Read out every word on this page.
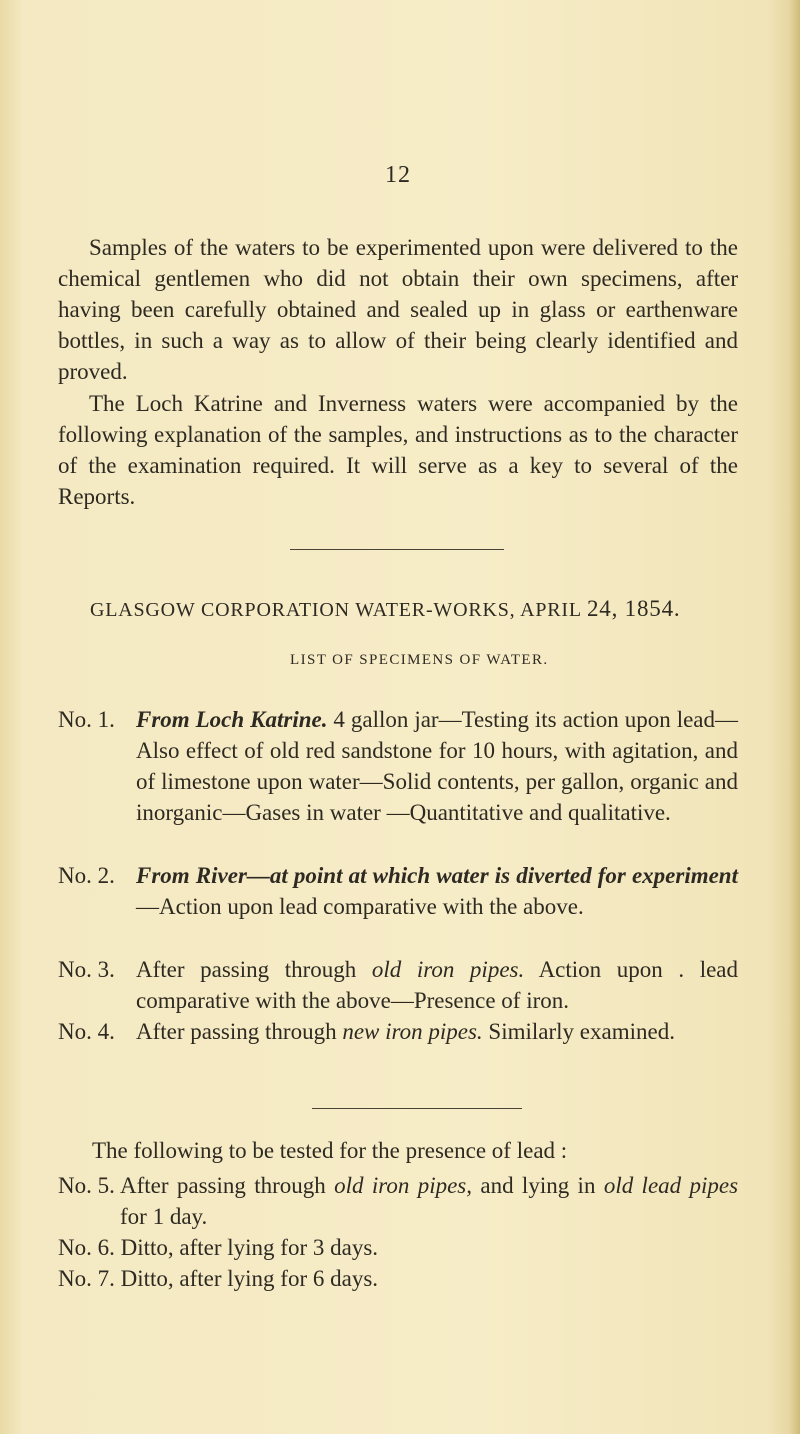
12
Samples of the waters to be experimented upon were delivered to the chemical gentlemen who did not obtain their own specimens, after having been carefully obtained and sealed up in glass or earthenware bottles, in such a way as to allow of their being clearly identified and proved.
The Loch Katrine and Inverness waters were accompanied by the following explanation of the samples, and instructions as to the character of the examination required. It will serve as a key to several of the Reports.
GLASGOW CORPORATION WATER-WORKS, APRIL 24, 1854.
LIST OF SPECIMENS OF WATER.
No. 1. From Loch Katrine. 4 gallon jar—Testing its action upon lead—Also effect of old red sandstone for 10 hours, with agitation, and of limestone upon water—Solid contents, per gallon, organic and inorganic—Gases in water —Quantitative and qualitative.
No. 2. From River—at point at which water is diverted for experiment—Action upon lead comparative with the above.
No. 3. After passing through old iron pipes. Action upon . lead comparative with the above—Presence of iron.
No. 4. After passing through new iron pipes. Similarly examined.
The following to be tested for the presence of lead :
No. 5. After passing through old iron pipes, and lying in old lead pipes for 1 day.
No. 6. Ditto, after lying for 3 days.
No. 7. Ditto, after lying for 6 days.
